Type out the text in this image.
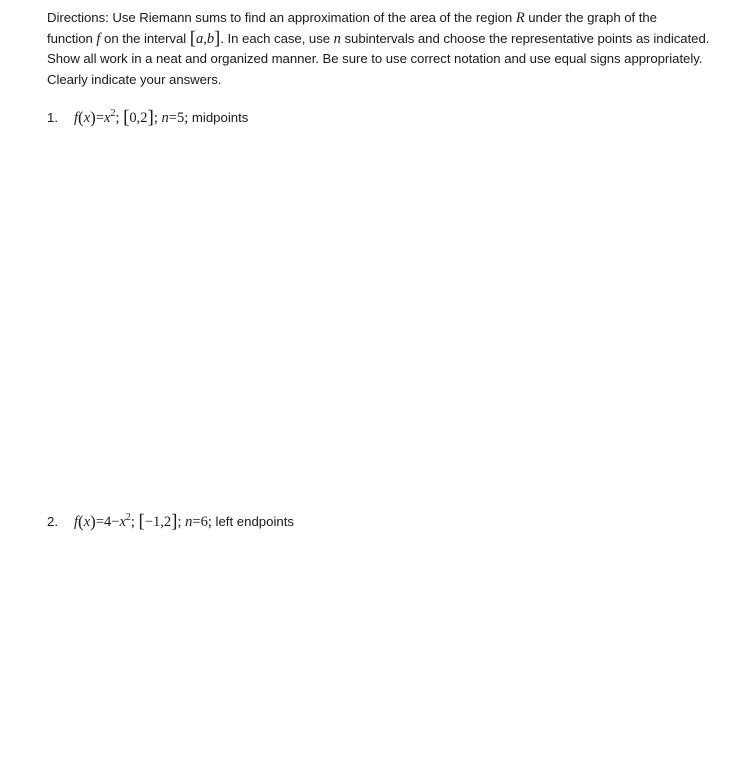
Directions: Use Riemann sums to find an approximation of the area of the region R under the graph of the function f on the interval [a,b]. In each case, use n subintervals and choose the representative points as indicated. Show all work in a neat and organized manner. Be sure to use correct notation and use equal signs appropriately. Clearly indicate your answers.
1. $f(x)=x^2$; [0,2]; n=5; midpoints
2. $f(x)=4-x^2$; [−1,2]; n=6; left endpoints
